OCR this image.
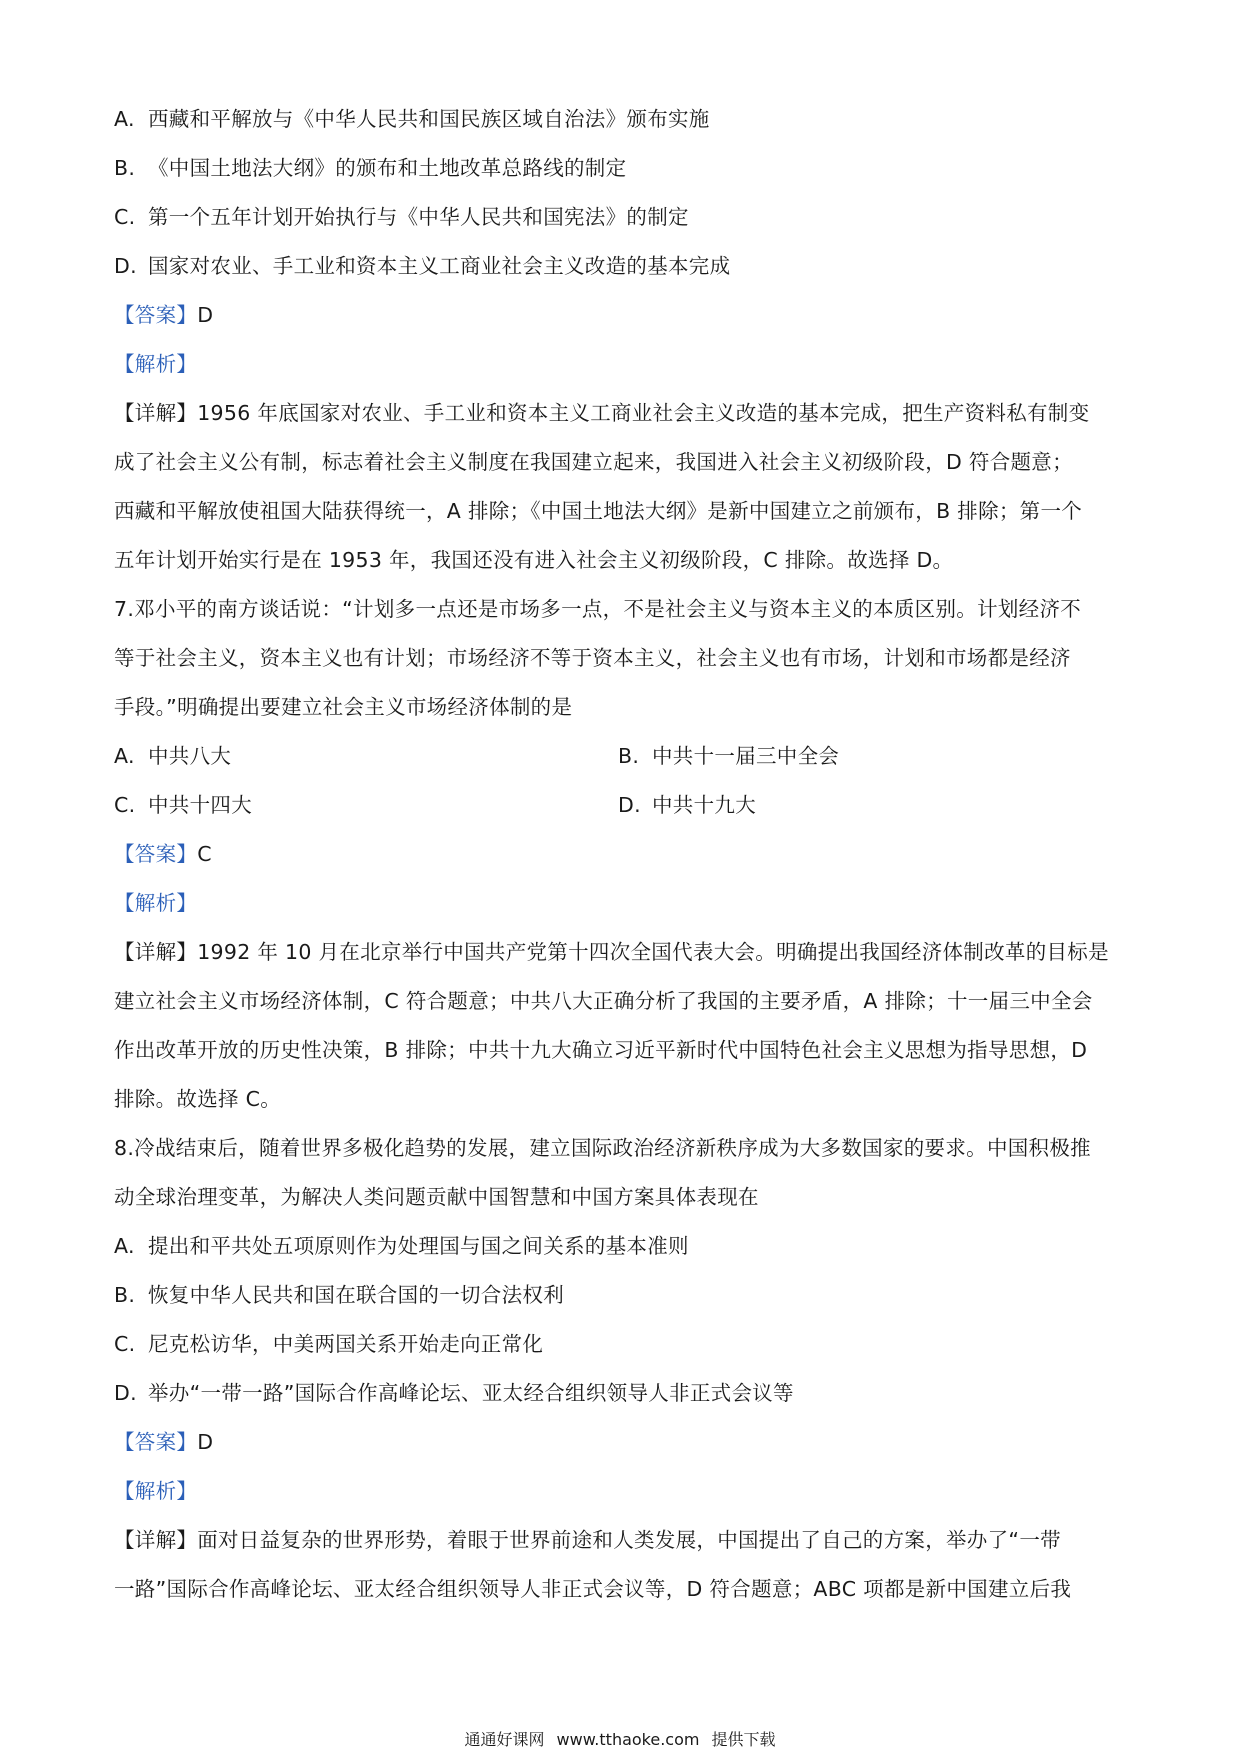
A. 西藏和平解放与《中华人民共和国民族区域自治法》颁布实施
B. 《中国土地法大纲》的颁布和土地改革总路线的制定
C. 第一个五年计划开始执行与《中华人民共和国宪法》的制定
D. 国家对农业、手工业和资本主义工商业社会主义改造的基本完成
【答案】D
【解析】
【详解】1956 年底国家对农业、手工业和资本主义工商业社会主义改造的基本完成，把生产资料私有制变
成了社会主义公有制，标志着社会主义制度在我国建立起来，我国进入社会主义初级阶段，D 符合题意；
西藏和平解放使祖国大陆获得统一，A 排除；《中国土地法大纲》是新中国建立之前颁布，B 排除；第一个
五年计划开始实行是在 1953 年，我国还没有进入社会主义初级阶段，C 排除。故选择 D。
7.邓小平的南方谈话说：“计划多一点还是市场多一点，不是社会主义与资本主义的本质区别。计划经济不
等于社会主义，资本主义也有计划；市场经济不等于资本主义，社会主义也有市场，计划和市场都是经济
手段。”明确提出要建立社会主义市场经济体制的是
A. 中共八大	B. 中共十一届三中全会
C. 中共十四大	D. 中共十九大
【答案】C
【解析】
【详解】1992 年 10 月在北京举行中国共产党第十四次全国代表大会。明确提出我国经济体制改革的目标是
建立社会主义市场经济体制，C 符合题意；中共八大正确分析了我国的主要矛盾，A 排除；十一届三中全会
作出改革开放的历史性决策，B 排除；中共十九大确立习近平新时代中国特色社会主义思想为指导思想，D
排除。故选择 C。
8.冷战结束后，随着世界多极化趋势的发展，建立国际政治经济新秩序成为大多数国家的要求。中国积极推
动全球治理变革，为解决人类问题贡献中国智慧和中国方案具体表现在
A. 提出和平共处五项原则作为处理国与国之间关系的基本准则
B. 恢复中华人民共和国在联合国的一切合法权利
C. 尼克松访华，中美两国关系开始走向正常化
D. 举办“一带一路”国际合作高峰论坛、亚太经合组织领导人非正式会议等
【答案】D
【解析】
【详解】面对日益复杂的世界形势，着眼于世界前途和人类发展，中国提出了自己的方案，举办了“一带
一路”国际合作高峰论坛、亚太经合组织领导人非正式会议等，D 符合题意；ABC 项都是新中国建立后我
通通好课网 www.tthaoke.com 提供下载
